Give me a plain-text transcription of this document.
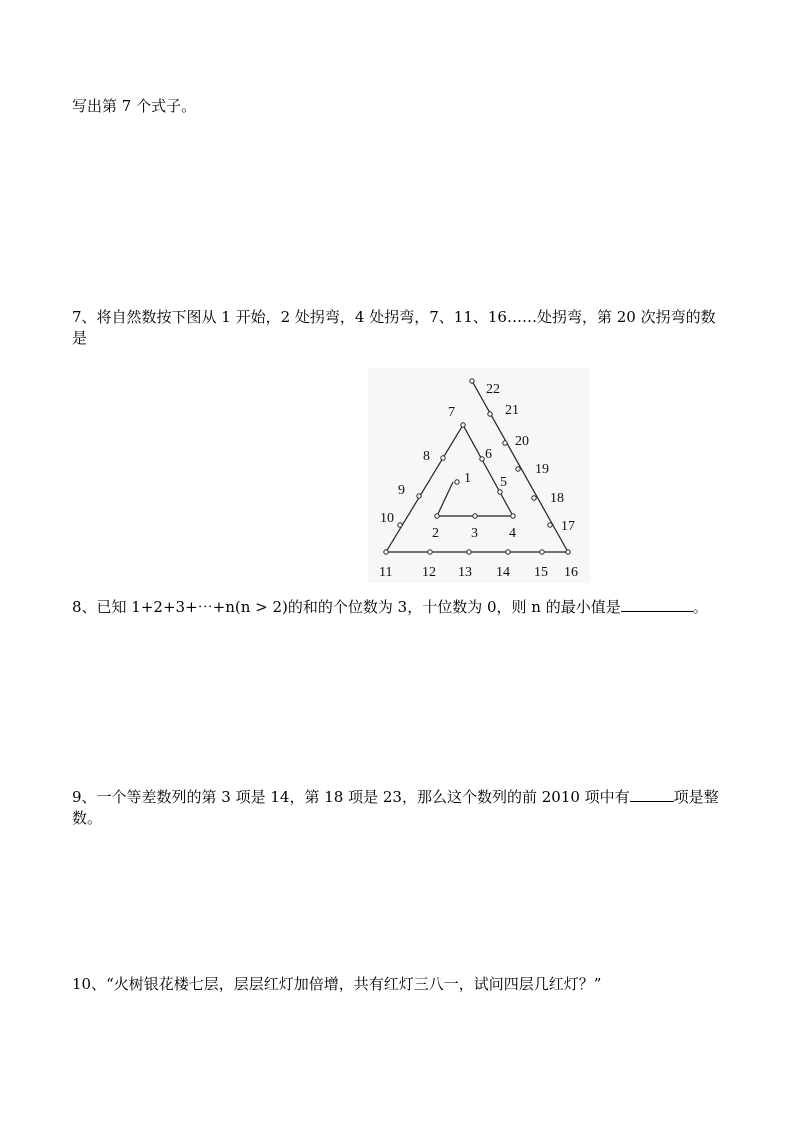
写出第 7 个式子。
7、将自然数按下图从 1 开始，2 处拐弯，4 处拐弯，7、11、16……处拐弯，第 20 次拐弯的数
是
1
2 3 4
5
6
7
8
9
10
11 12 13 14 15 16
17
18
19
20
21
22
8、已知 1+2+3+⋯+n(n > 2)的和的个位数为 3，十位数为 0，则 n 的最小值是	。
9、一个等差数列的第 3 项是 14，第 18 项是 23，那么这个数列的前 2010 项中有	项是整
数。
10、“火树银花楼七层，层层红灯加倍增，共有红灯三八一，试问四层几红灯？”
